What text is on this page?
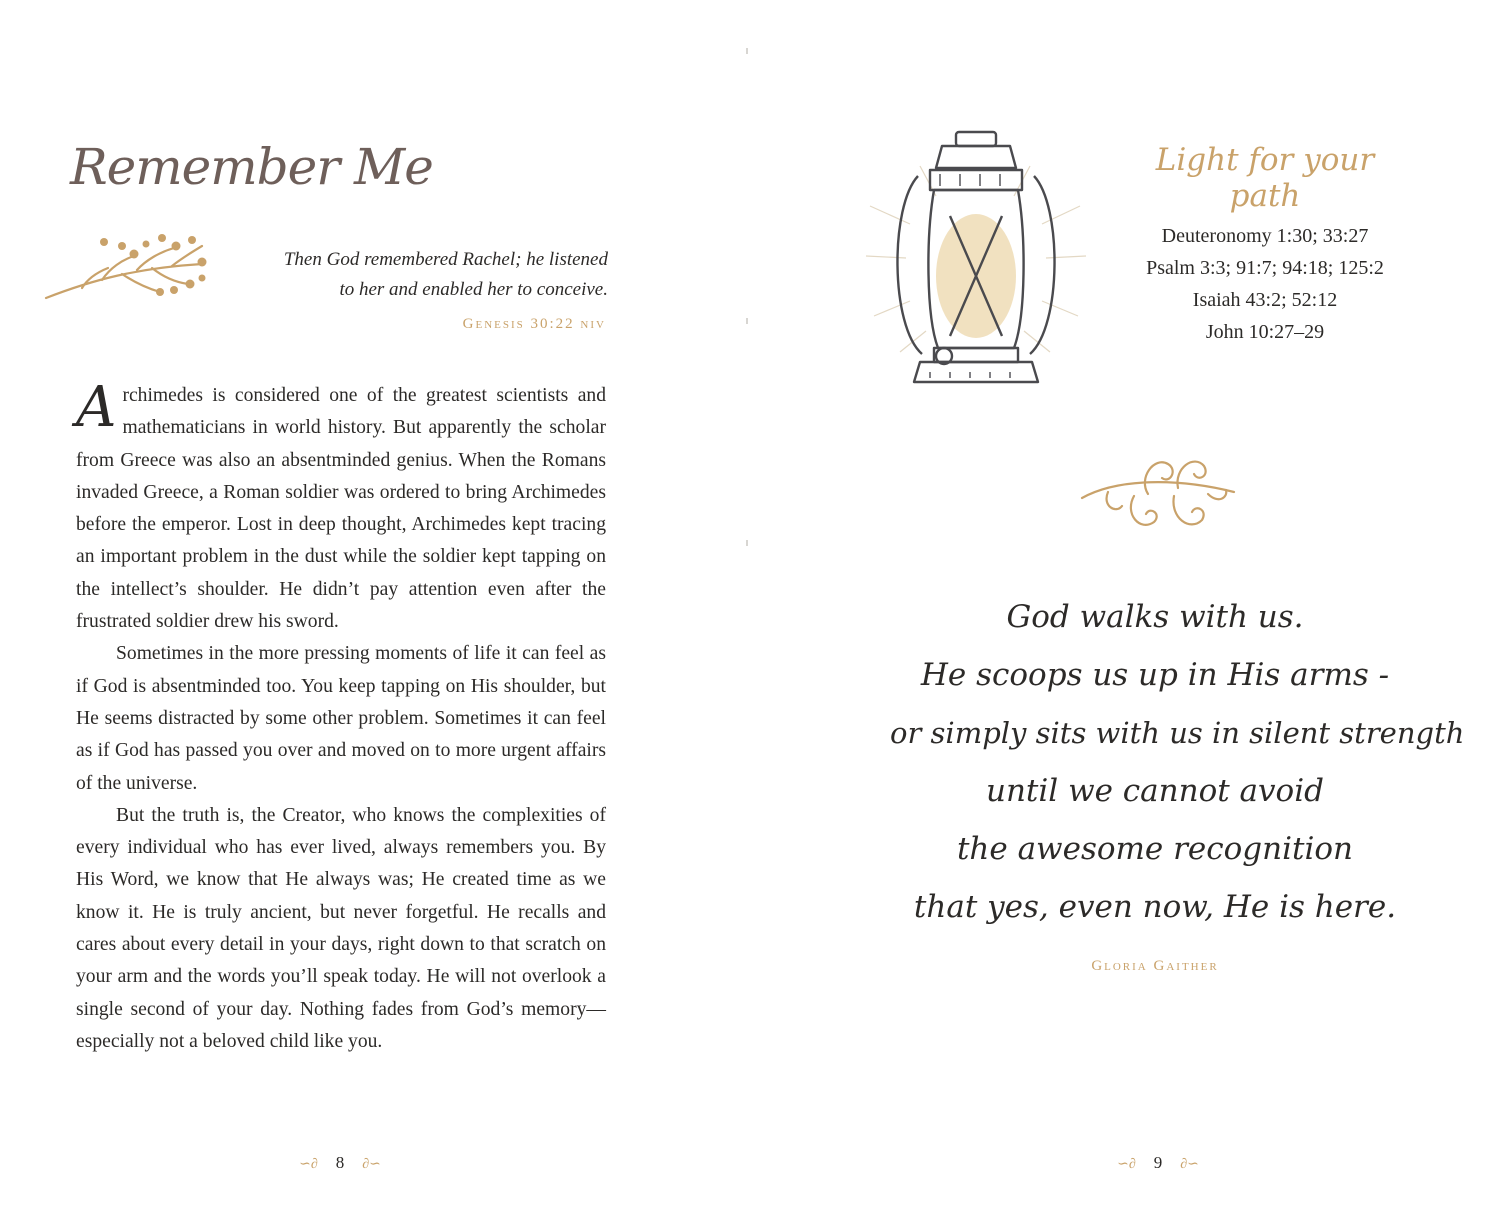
Remember Me
Then God remembered Rachel; he listened
to her and enabled her to conceive.
Genesis 30:22 niv

Archimedes is considered one of the greatest scientists and mathematicians in world history. But apparently the scholar from Greece was also an absentminded genius. When the Romans invaded Greece, a Roman soldier was ordered to bring Archimedes before the emperor. Lost in deep thought, Archimedes kept tracing an important problem in the dust while the soldier kept tapping on the intellect’s shoulder. He didn’t pay attention even after the frustrated soldier drew his sword.

Sometimes in the more pressing moments of life it can feel as if God is absentminded too. You keep tapping on His shoulder, but He seems distracted by some other problem. Sometimes it can feel as if God has passed you over and moved on to more urgent affairs of the universe.

But the truth is, the Creator, who knows the complexities of every individual who has ever lived, always remembers you. By His Word, we know that He always was; He created time as we know it. He is truly ancient, but never forgetful. He recalls and cares about every detail in your days, right down to that scratch on your arm and the words you’ll speak today. He will not overlook a single second of your day. Nothing fades from God’s memory—especially not a beloved child like you.

∽∂ 8 ∂∽
Light for your path
Deuteronomy 1:30; 33:27
Psalm 3:3; 91:7; 94:18; 125:2
Isaiah 43:2; 52:12
John 10:27–29
God walks with us.
He scoops us up in His arms -
or simply sits with us in silent strength
until we cannot avoid
the awesome recognition
that yes, even now, He is here.
Gloria Gaither
∽∂ 9 ∂∽
